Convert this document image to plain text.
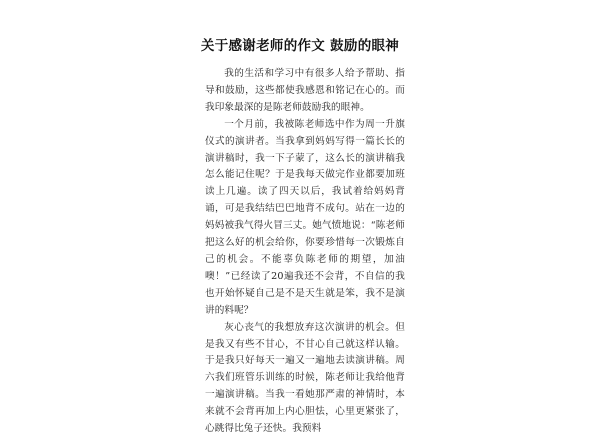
关于感谢老师的作文 鼓励的眼神

我的生活和学习中有很多人给予帮助、指导和鼓励，这些都使我感恩和铭记在心的。而我印象最深的是陈老师鼓励我的眼神。

一个月前，我被陈老师选中作为周一升旗仪式的演讲者。当我拿到妈妈写得一篇长长的演讲稿时，我一下子蒙了，这么长的演讲稿我怎么能记住呢？于是我每天做完作业都要加班读上几遍。读了四天以后，我试着给妈妈背诵，可是我结结巴巴地背不成句。站在一边的妈妈被我气得火冒三丈。她气愤地说：“陈老师把这么好的机会给你，你要珍惜每一次锻炼自己的机会。不能辜负陈老师的期望，加油噢！”已经读了20遍我还不会背，不自信的我也开始怀疑自己是不是天生就是笨，我不是演讲的料呢？

灰心丧气的我想放弃这次演讲的机会。但是我又有些不甘心，不甘心自己就这样认输。于是我只好每天一遍又一遍地去读演讲稿。周六我们班管乐训练的时候，陈老师让我给他背一遍演讲稿。当我一看她那严肃的神情时，本来就不会背再加上内心胆怯，心里更紧张了，心跳得比兔子还快。我预料
